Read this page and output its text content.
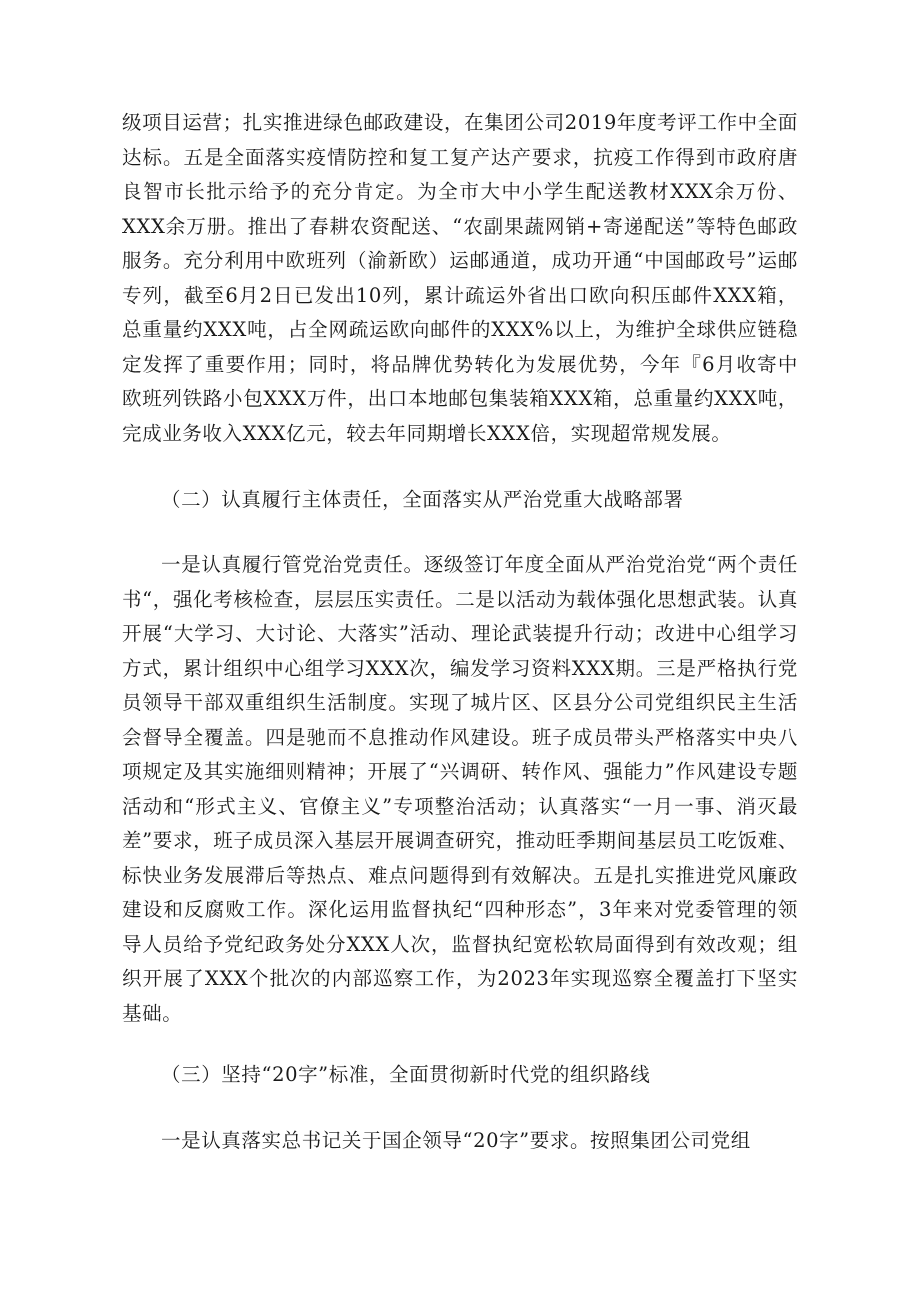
级项目运营；扎实推进绿色邮政建设，在集团公司2019年度考评工作中全面达标。五是全面落实疫情防控和复工复产达产要求，抗疫工作得到市政府唐良智市长批示给予的充分肯定。为全市大中小学生配送教材XXX余万份、XXX余万册。推出了春耕农资配送、“农副果蔬网销+寄递配送”等特色邮政服务。充分利用中欧班列（渝新欧）运邮通道，成功开通“中国邮政号”运邮专列，截至6月2日已发出10列，累计疏运外省出口欧向积压邮件XXX箱，总重量约XXX吨，占全网疏运欧向邮件的XXX%以上，为维护全球供应链稳定发挥了重要作用；同时，将品牌优势转化为发展优势，今年『6月收寄中欧班列铁路小包XXX万件，出口本地邮包集装箱XXX箱，总重量约XXX吨，完成业务收入XXX亿元，较去年同期增长XXX倍，实现超常规发展。

（二）认真履行主体责任，全面落实从严治党重大战略部署

一是认真履行管党治党责任。逐级签订年度全面从严治党治党“两个责任书“，强化考核检查，层层压实责任。二是以活动为载体强化思想武装。认真开展“大学习、大讨论、大落实”活动、理论武装提升行动；改进中心组学习方式，累计组织中心组学习XXX次，编发学习资料XXX期。三是严格执行党员领导干部双重组织生活制度。实现了城片区、区县分公司党组织民主生活会督导全覆盖。四是驰而不息推动作风建设。班子成员带头严格落实中央八项规定及其实施细则精神；开展了“兴调研、转作风、强能力”作风建设专题活动和“形式主义、官僚主义”专项整治活动；认真落实“一月一事、消灭最差”要求，班子成员深入基层开展调查研究，推动旺季期间基层员工吃饭难、标快业务发展滞后等热点、难点问题得到有效解决。五是扎实推进党风廉政建设和反腐败工作。深化运用监督执纪“四种形态”，3年来对党委管理的领导人员给予党纪政务处分XXX人次，监督执纪宽松软局面得到有效改观；组织开展了XXX个批次的内部巡察工作，为2023年实现巡察全覆盖打下坚实基础。

（三）坚持“20字”标准，全面贯彻新时代党的组织路线

一是认真落实总书记关于国企领导“20字”要求。按照集团公司党组
